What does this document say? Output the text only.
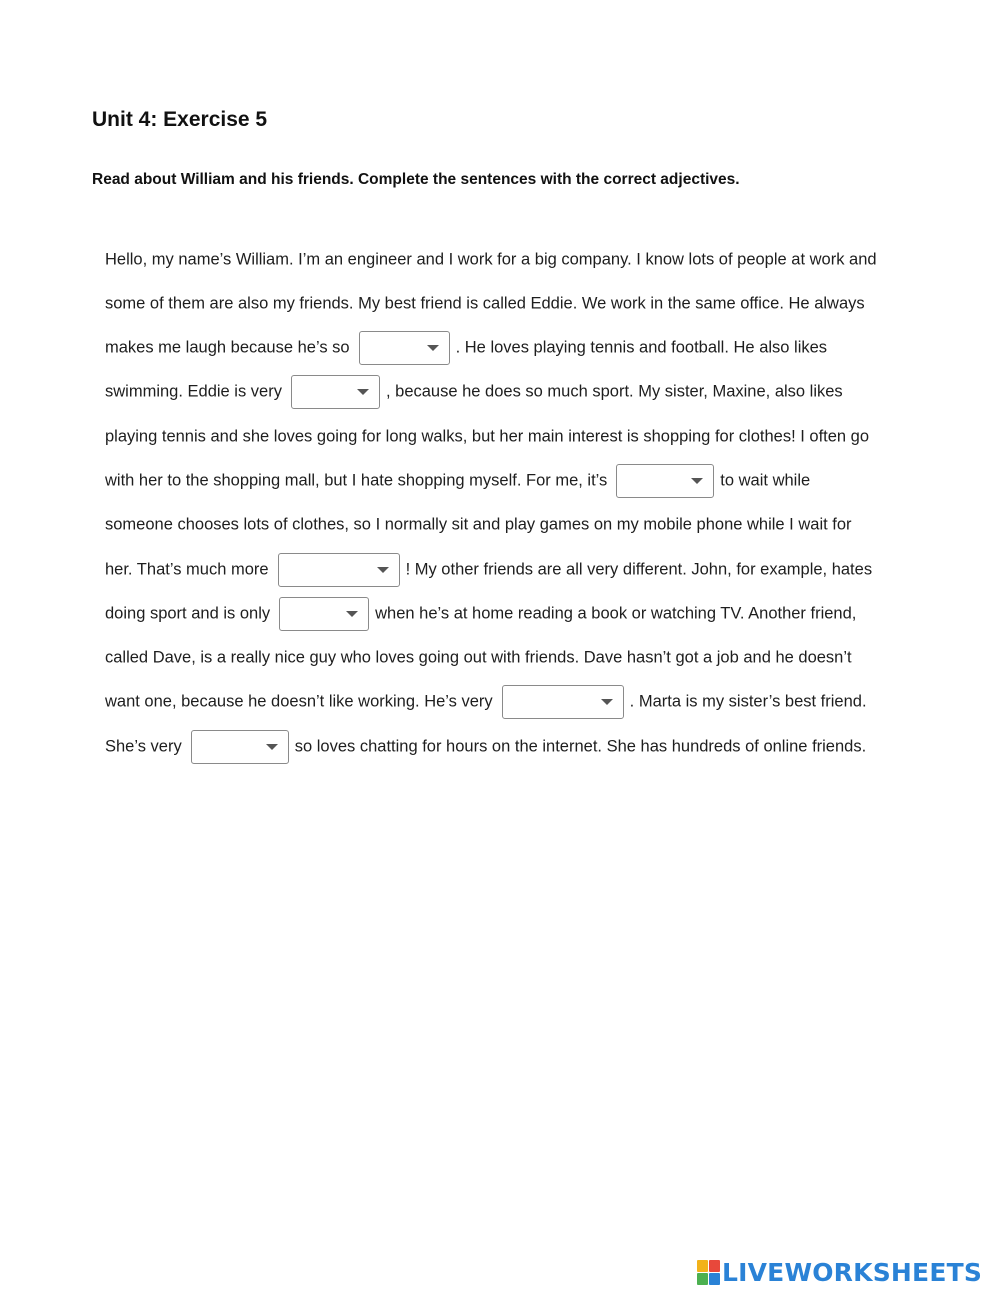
Unit 4: Exercise 5

Read about William and his friends. Complete the sentences with the correct adjectives.

Hello, my name’s William. I’m an engineer and I work for a big company. I know lots of people at work and
some of them are also my friends. My best friend is called Eddie. We work in the same office. He always
makes me laugh because he’s so	. He loves playing tennis and football. He also likes
swimming. Eddie is very	, because he does so much sport. My sister, Maxine, also likes
playing tennis and she loves going for long walks, but her main interest is shopping for clothes! I often go
with her to the shopping mall, but I hate shopping myself. For me, it’s	to wait while
someone chooses lots of clothes, so I normally sit and play games on my mobile phone while I wait for
her. That’s much more	! My other friends are all very different. John, for example, hates
doing sport and is only	when he’s at home reading a book or watching TV. Another friend,
called Dave, is a really nice guy who loves going out with friends. Dave hasn’t got a job and he doesn’t
want one, because he doesn’t like working. He’s very	. Marta is my sister’s best friend.
She’s very	so loves chatting for hours on the internet. She has hundreds of online friends.
LIVEWORKSHEETS
